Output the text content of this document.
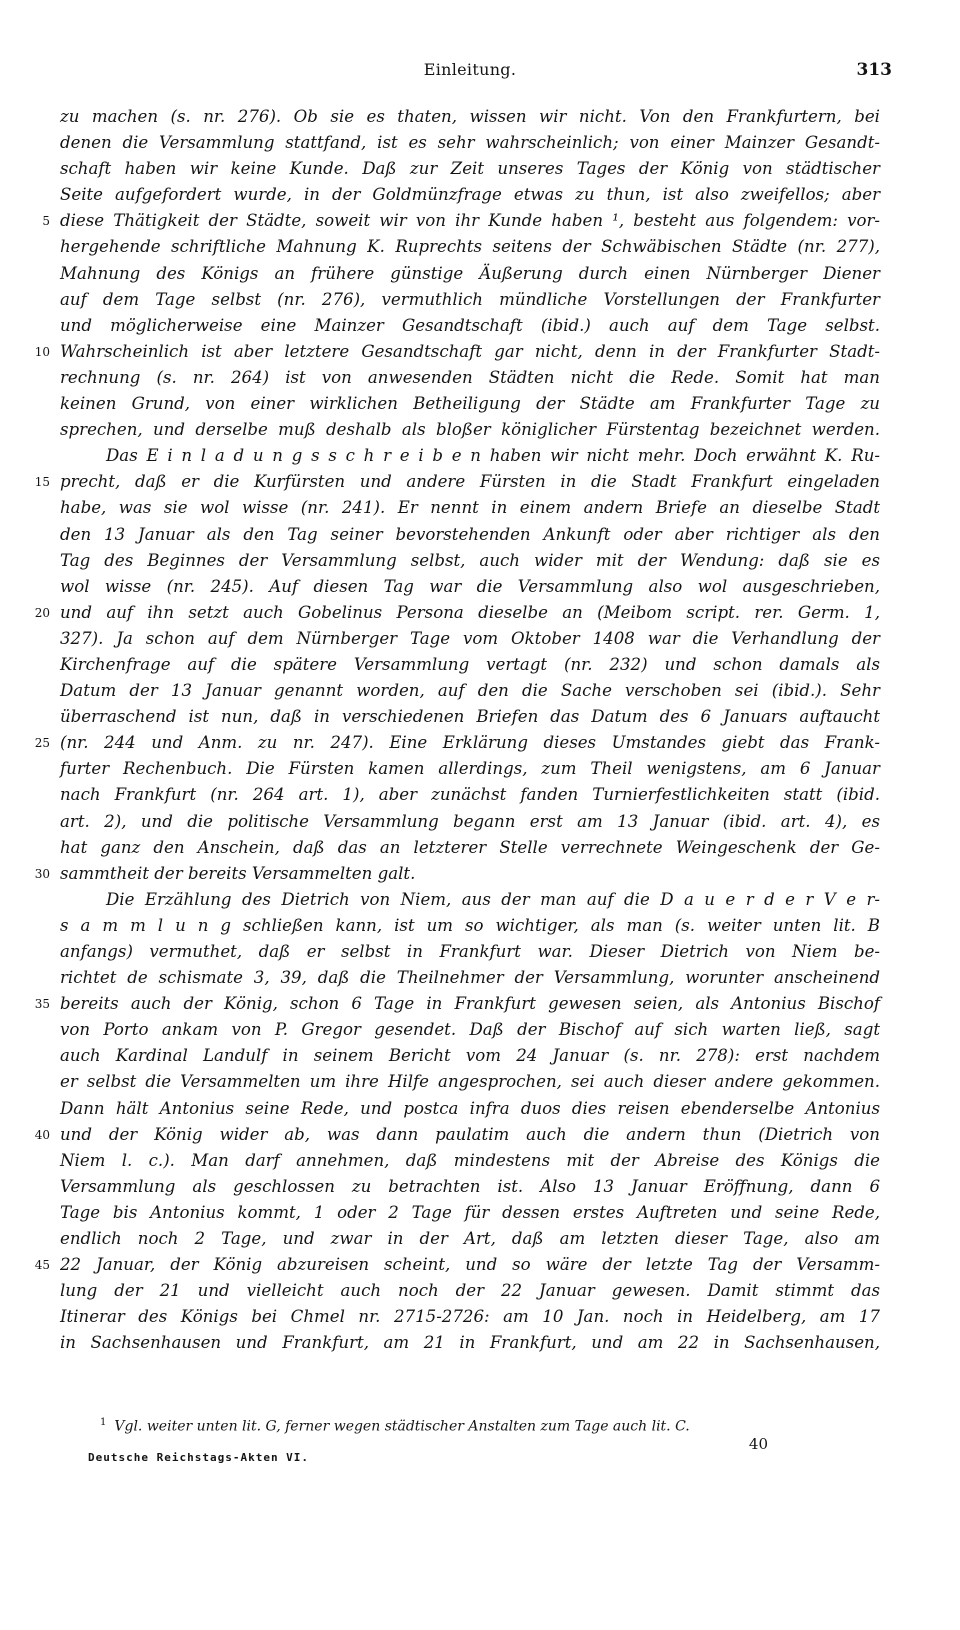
Einleitung.	313
zu machen (s. nr. 276). Ob sie es thaten, wissen wir nicht. Von den Frankfurtern, bei
denen die Versammlung stattfand, ist es sehr wahrscheinlich; von einer Mainzer Gesandt-
schaft haben wir keine Kunde. Daß zur Zeit unseres Tages der König von städtischer
Seite aufgefordert wurde, in der Goldmünzfrage etwas zu thun, ist also zweifellos; aber
5 diese Thätigkeit der Städte, soweit wir von ihr Kunde haben ¹, besteht aus folgendem: vor-
hergehende schriftliche Mahnung K. Ruprechts seitens der Schwäbischen Städte (nr. 277),
Mahnung des Königs an frühere günstige Äußerung durch einen Nürnberger Diener
auf dem Tage selbst (nr. 276), vermuthlich mündliche Vorstellungen der Frankfurter
und möglicherweise eine Mainzer Gesandtschaft (ibid.) auch auf dem Tage selbst.
10 Wahrscheinlich ist aber letztere Gesandtschaft gar nicht, denn in der Frankfurter Stadt-
rechnung (s. nr. 264) ist von anwesenden Städten nicht die Rede. Somit hat man
keinen Grund, von einer wirklichen Betheiligung der Städte am Frankfurter Tage zu
sprechen, und derselbe muß deshalb als bloßer königlicher Fürstentag bezeichnet werden.
Das E i n l a d u n g s s c h r e i b e n haben wir nicht mehr. Doch erwähnt K. Ru-
15 precht, daß er die Kurfürsten und andere Fürsten in die Stadt Frankfurt eingeladen
habe, was sie wol wisse (nr. 241). Er nennt in einem andern Briefe an dieselbe Stadt
den 13 Januar als den Tag seiner bevorstehenden Ankunft oder aber richtiger als den
Tag des Beginnes der Versammlung selbst, auch wider mit der Wendung: daß sie es
wol wisse (nr. 245). Auf diesen Tag war die Versammlung also wol ausgeschrieben,
20 und auf ihn setzt auch Gobelinus Persona dieselbe an (Meibom script. rer. Germ. 1,
327). Ja schon auf dem Nürnberger Tage vom Oktober 1408 war die Verhandlung der
Kirchenfrage auf die spätere Versammlung vertagt (nr. 232) und schon damals als
Datum der 13 Januar genannt worden, auf den die Sache verschoben sei (ibid.). Sehr
überraschend ist nun, daß in verschiedenen Briefen das Datum des 6 Januars auftaucht
25 (nr. 244 und Anm. zu nr. 247). Eine Erklärung dieses Umstandes giebt das Frank-
furter Rechenbuch. Die Fürsten kamen allerdings, zum Theil wenigstens, am 6 Januar
nach Frankfurt (nr. 264 art. 1), aber zunächst fanden Turnierfestlichkeiten statt (ibid.
art. 2), und die politische Versammlung begann erst am 13 Januar (ibid. art. 4), es
hat ganz den Anschein, daß das an letzterer Stelle verrechnete Weingeschenk der Ge-
30 sammtheit der bereits Versammelten galt.
Die Erzählung des Dietrich von Niem, aus der man auf die D a u e r d e r V e r-
s a m m l u n g schließen kann, ist um so wichtiger, als man (s. weiter unten lit. B
anfangs) vermuthet, daß er selbst in Frankfurt war. Dieser Dietrich von Niem be-
richtet de schismate 3, 39, daß die Theilnehmer der Versammlung, worunter anscheinend
35 bereits auch der König, schon 6 Tage in Frankfurt gewesen seien, als Antonius Bischof
von Porto ankam von P. Gregor gesendet. Daß der Bischof auf sich warten ließ, sagt
auch Kardinal Landulf in seinem Bericht vom 24 Januar (s. nr. 278): erst nachdem
er selbst die Versammelten um ihre Hilfe angesprochen, sei auch dieser andere gekommen.
Dann hält Antonius seine Rede, und postca infra duos dies reisen ebenderselbe Antonius
40 und der König wider ab, was dann paulatim auch die andern thun (Dietrich von
Niem l. c.). Man darf annehmen, daß mindestens mit der Abreise des Königs die
Versammlung als geschlossen zu betrachten ist. Also 13 Januar Eröffnung, dann 6
Tage bis Antonius kommt, 1 oder 2 Tage für dessen erstes Auftreten und seine Rede,
endlich noch 2 Tage, und zwar in der Art, daß am letzten dieser Tage, also am
45 22 Januar, der König abzureisen scheint, und so wäre der letzte Tag der Versamm-
lung der 21 und vielleicht auch noch der 22 Januar gewesen. Damit stimmt das
Itinerar des Königs bei Chmel nr. 2715-2726: am 10 Jan. noch in Heidelberg, am 17
in Sachsenhausen und Frankfurt, am 21 in Frankfurt, und am 22 in Sachsenhausen,
$^1$ Vgl. weiter unten lit. G, ferner wegen städtischer Anstalten zum Tage auch lit. C.
Deutsche Reichstags-Akten VI.
40
